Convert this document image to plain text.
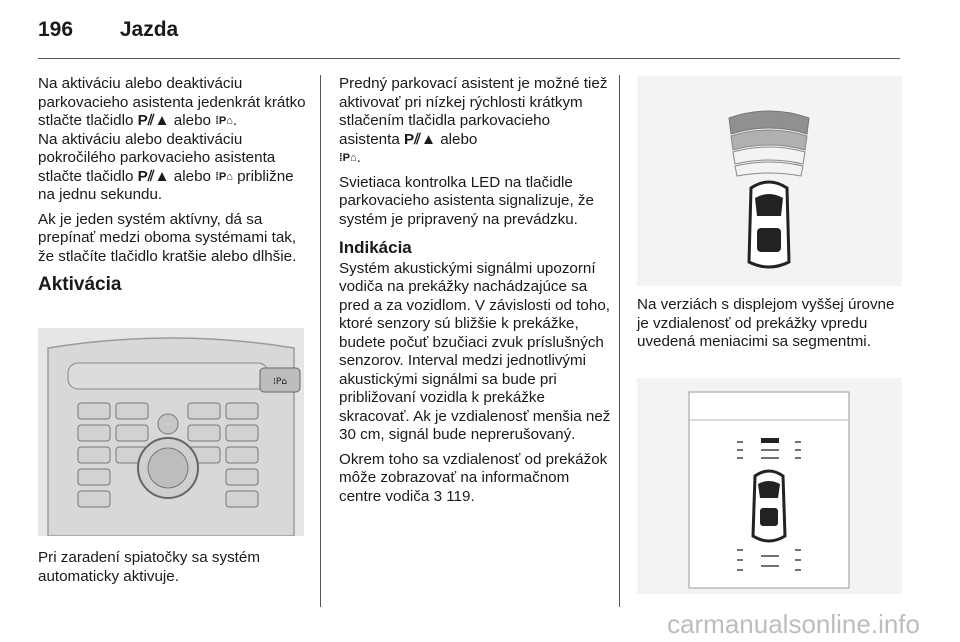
196 Jazda

Na aktiváciu alebo deaktiváciu parkovacieho asistenta jedenkrát krátko stlačte tlačidlo P⫽▲ alebo ⁞P⌂.

Na aktiváciu alebo deaktiváciu pokročilého parkovacieho asistenta stlačte tlačidlo P⫽▲ alebo ⁞P⌂ približne na jednu sekundu.

Ak je jeden systém aktívny, dá sa prepínať medzi oboma systémami tak, že stlačíte tlačidlo kratšie alebo dlhšie.

Aktivácia
⁞P⌂

Pri zaradení spiatočky sa systém automaticky aktivuje.

Predný parkovací asistent je možné tiež aktivovať pri nízkej rýchlosti krátkym stlačením tlačidla parkovacieho asistenta P⫽▲ alebo
⁞P⌂.

Svietiaca kontrolka LED na tlačidle parkovacieho asistenta signalizuje, že systém je pripravený na prevádzku.

Indikácia

Systém akustickými signálmi upozorní vodiča na prekážky nachádzajúce sa pred a za vozidlom. V závislosti od toho, ktoré senzory sú bližšie k prekážke, budete počuť bzučiaci zvuk príslušných senzorov. Interval medzi jednotlivými akustickými signálmi sa bude pri približovaní vozidla k prekážke skracovať. Ak je vzdialenosť menšia než 30 cm, signál bude neprerušovaný.

Okrem toho sa vzdialenosť od prekážok môže zobrazovať na informačnom centre vodiča 3 119.

Na verziách s displejom vyššej úrovne je vzdialenosť od prekážky vpredu uvedená meniacimi sa segmentmi.

carmanualsonline.info
